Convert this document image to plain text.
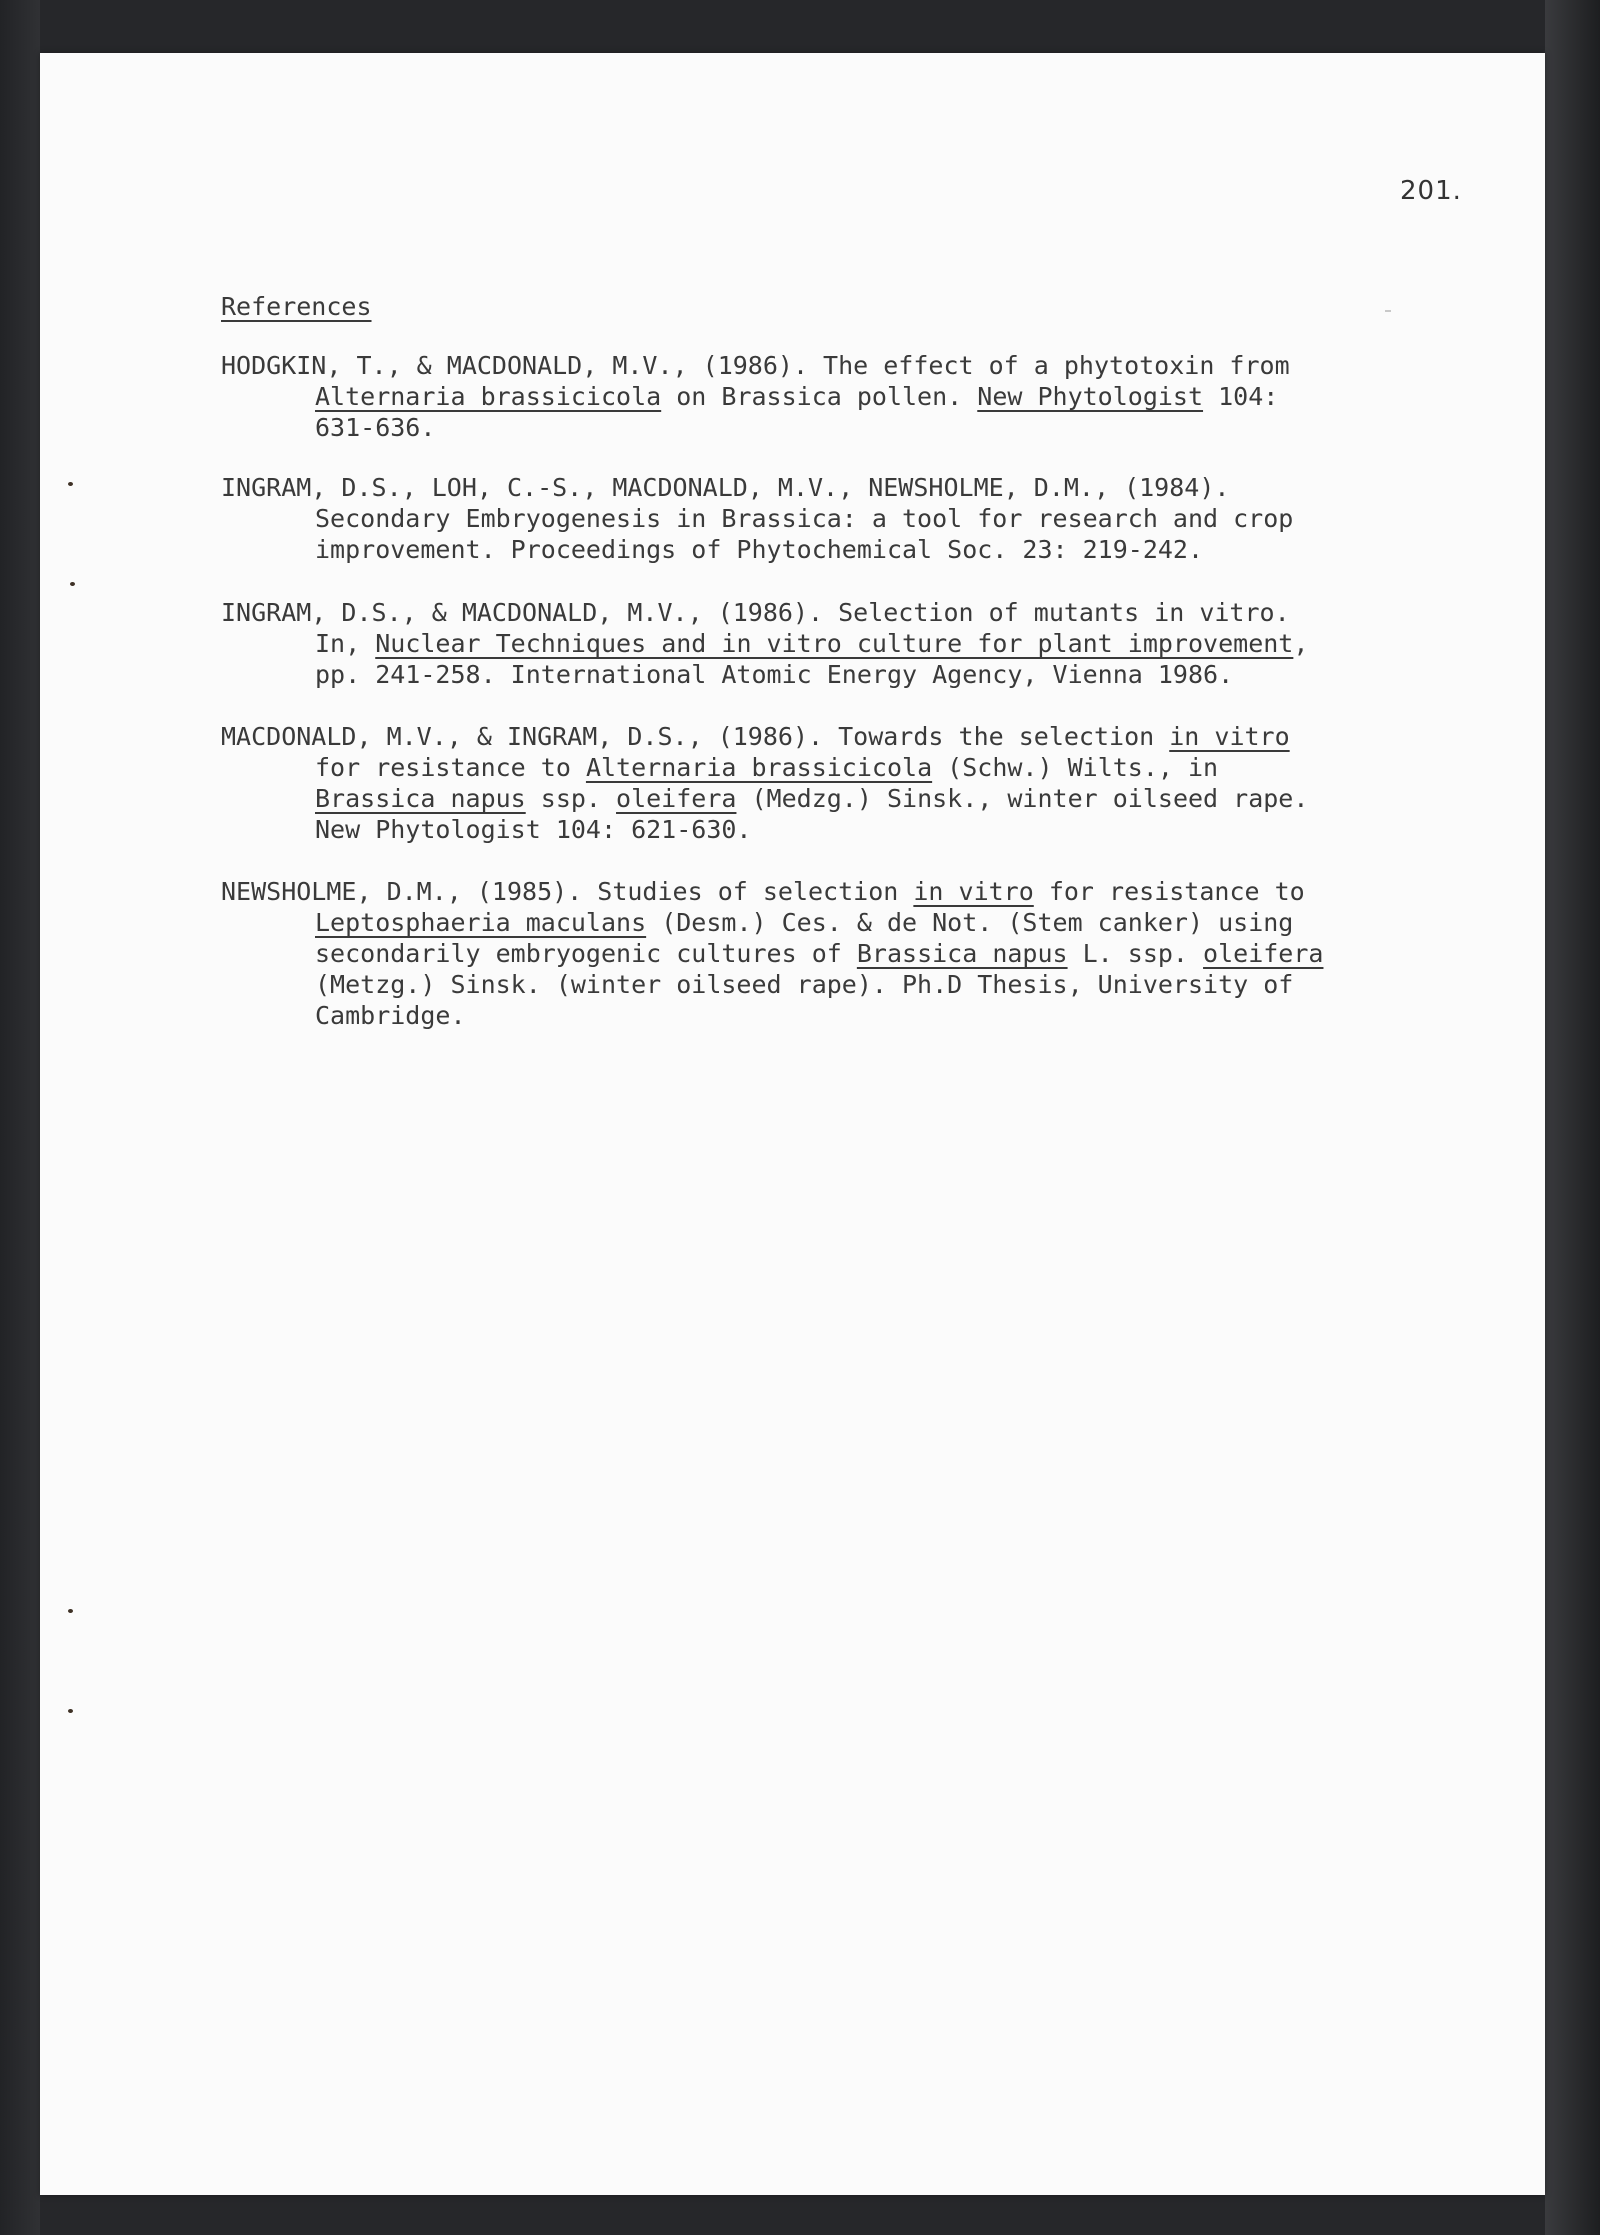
201.
References
HODGKIN, T., & MACDONALD, M.V., (1986). The effect of a phytotoxin from
Alternaria brassicicola on Brassica pollen. New Phytologist 104:
631-636.
INGRAM, D.S., LOH, C.-S., MACDONALD, M.V., NEWSHOLME, D.M., (1984).
Secondary Embryogenesis in Brassica: a tool for research and crop
improvement. Proceedings of Phytochemical Soc. 23: 219-242.
INGRAM, D.S., & MACDONALD, M.V., (1986). Selection of mutants in vitro.
In, Nuclear Techniques and in vitro culture for plant improvement,
pp. 241-258. International Atomic Energy Agency, Vienna 1986.
MACDONALD, M.V., & INGRAM, D.S., (1986). Towards the selection in vitro
for resistance to Alternaria brassicicola (Schw.) Wilts., in
Brassica napus ssp. oleifera (Medzg.) Sinsk., winter oilseed rape.
New Phytologist 104: 621-630.
NEWSHOLME, D.M., (1985). Studies of selection in vitro for resistance to
Leptosphaeria maculans (Desm.) Ces. & de Not. (Stem canker) using
secondarily embryogenic cultures of Brassica napus L. ssp. oleifera
(Metzg.) Sinsk. (winter oilseed rape). Ph.D Thesis, University of
Cambridge.
